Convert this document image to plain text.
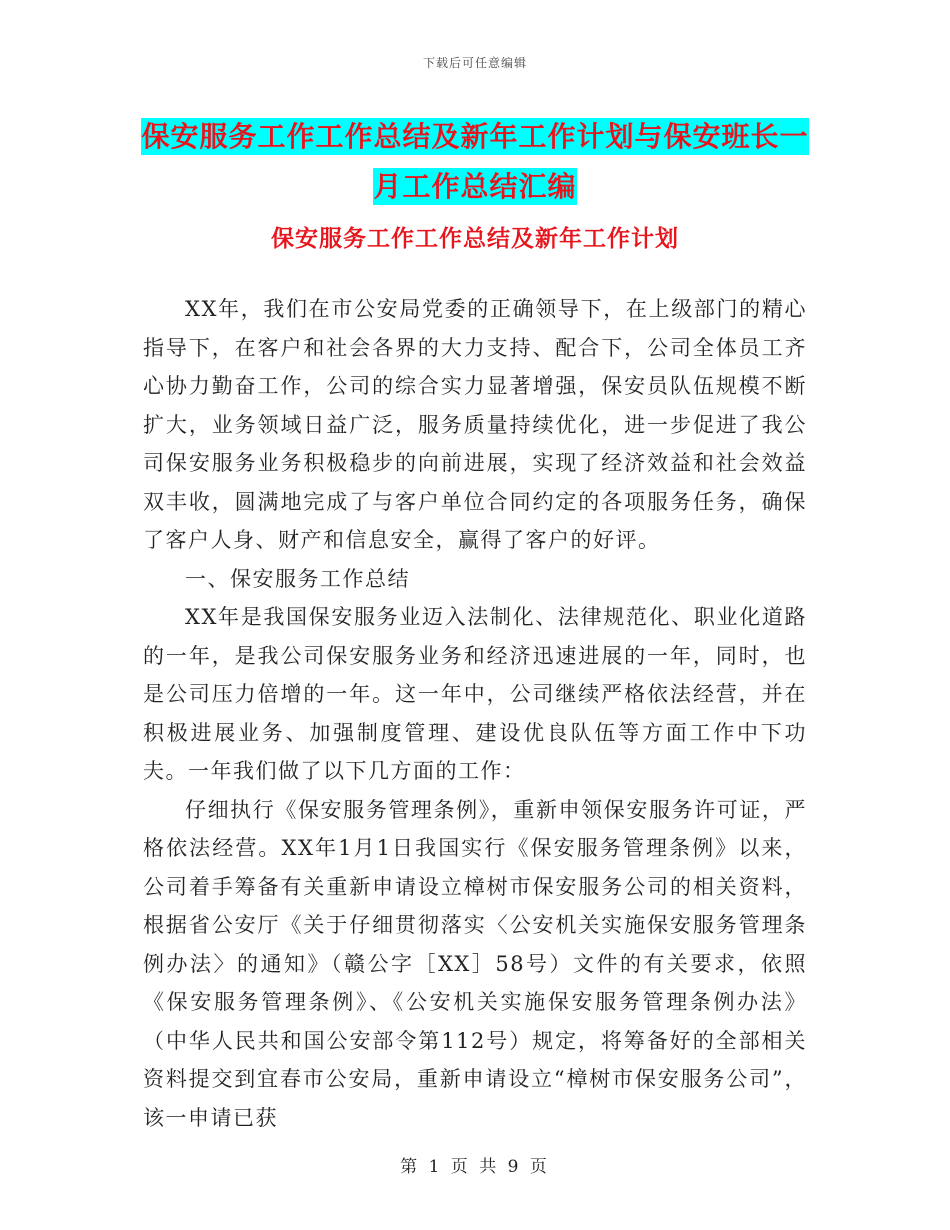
下载后可任意编辑
保安服务工作工作总结及新年工作计划与保安班长一
月工作总结汇编
保安服务工作工作总结及新年工作计划

XX年，我们在市公安局党委的正确领导下，在上级部门的精心指导下，在客户和社会各界的大力支持、配合下，公司全体员工齐心协力勤奋工作，公司的综合实力显著增强，保安员队伍规模不断扩大，业务领域日益广泛，服务质量持续优化，进一步促进了我公司保安服务业务积极稳步的向前进展，实现了经济效益和社会效益双丰收，圆满地完成了与客户单位合同约定的各项服务任务，确保了客户人身、财产和信息安全，赢得了客户的好评。

一、保安服务工作总结

XX年是我国保安服务业迈入法制化、法律规范化、职业化道路的一年，是我公司保安服务业务和经济迅速进展的一年，同时，也是公司压力倍增的一年。这一年中，公司继续严格依法经营，并在积极进展业务、加强制度管理、建设优良队伍等方面工作中下功夫。一年我们做了以下几方面的工作：

仔细执行《保安服务管理条例》，重新申领保安服务许可证，严格依法经营。XX年1月1日我国实行《保安服务管理条例》以来，公司着手筹备有关重新申请设立樟树市保安服务公司的相关资料，根据省公安厅《关于仔细贯彻落实〈公安机关实施保安服务管理条例办法〉的通知》（赣公字［XX］58号）文件的有关要求，依照《保安服务管理条例》、《公安机关实施保安服务管理条例办法》（中华人民共和国公安部令第112号）规定，将筹备好的全部相关资料提交到宜春市公安局，重新申请设立“樟树市保安服务公司”，该一申请已获

第 1 页 共 9 页
